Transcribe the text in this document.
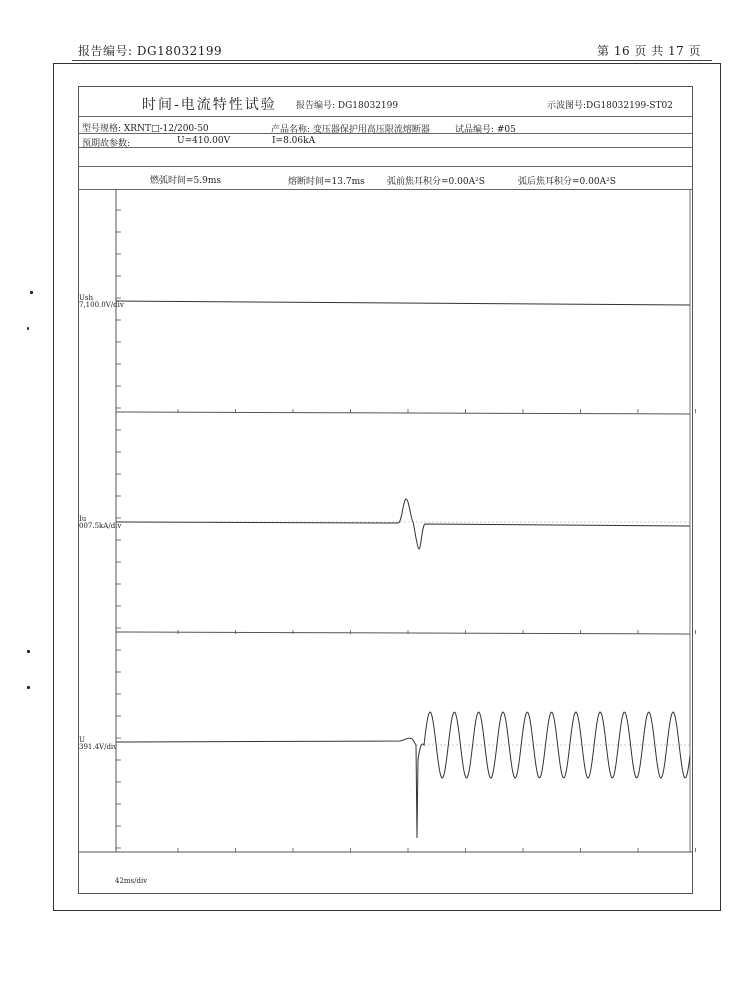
报告编号: DG18032199	第 16 页 共 17 页
时间-电流特性试验 报告编号: DG18032199	示波图号:DG18032199-ST02
型号规格: XRNT□-12/200-50	产品名称: 变压器保护用高压限流熔断器	试品编号: #05
预期故参数:	U=410.00V	I=8.06kA
燃弧时间=5.9ms	熔断时间=13.7ms 弧前焦耳积分=0.00A²S	弧后焦耳积分=0.00A²S
Ush
7,100.0V/div
Iu
007.5kA/div
U
391.4V/div
42ms/div
